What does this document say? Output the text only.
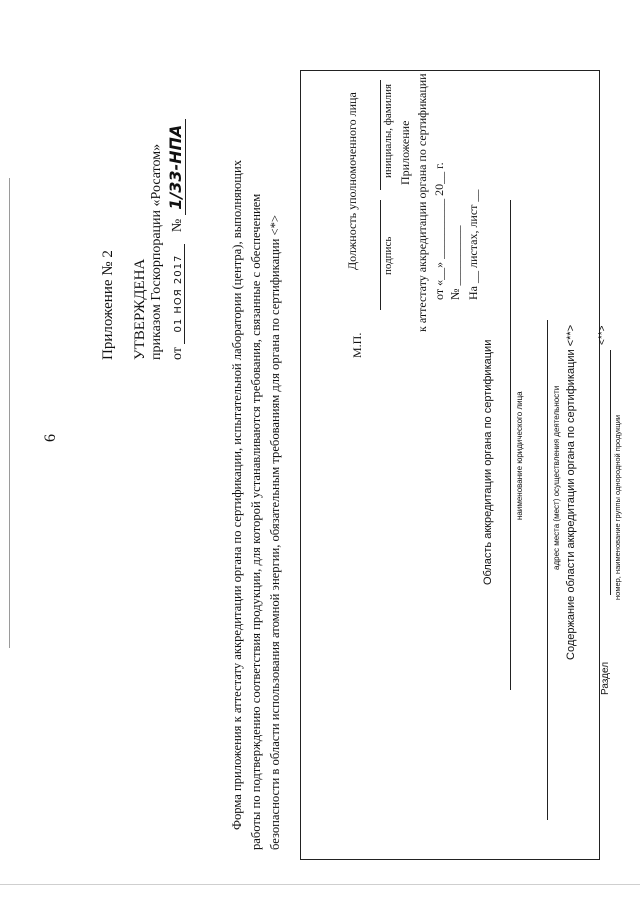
6
Приложение № 2 УТВЕРЖДЕНА приказом Госкорпорации «Росатом» от 01 НОЯ 2017 № 1/33-НПА	Форма приложения к аттестату аккредитации органа по сертификации, испытательной лаборатории (центра), выполняющих работы по подтверждению соответствия продукции, для которой устанавливаются требования, связанные с обеспечением безопасности в области использования атомной энергии, обязательным требованиям для органа по сертификации <*>
Должность уполномоченного лица
М.П.
подпись
инициалы, фамилия Приложение к аттестату аккредитации органа по сертификации от «__» __________ 20__ г. № __________ На __ листах, лист __
Область аккредитации органа по сертификации	наименование юридического лица	адрес места (мест) осуществления деятельности Содержание области аккредитации органа по сертификации <**>
Раздел
<**>
номер, наименование группы однородной продукции
